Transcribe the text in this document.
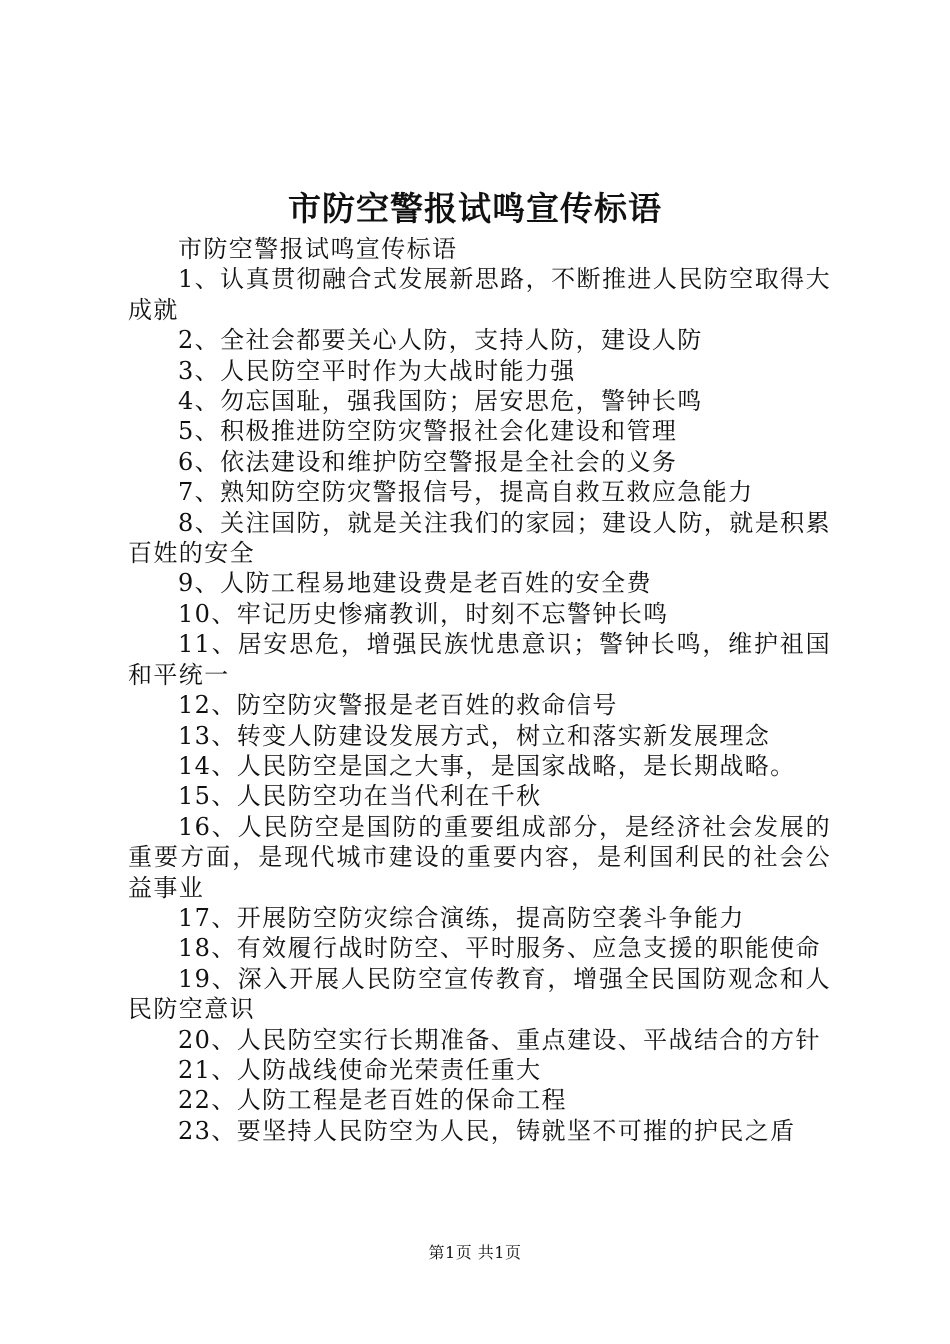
市防空警报试鸣宣传标语

市防空警报试鸣宣传标语

1、认真贯彻融合式发展新思路，不断推进人民防空取得大成就

2、全社会都要关心人防，支持人防，建设人防

3、人民防空平时作为大战时能力强

4、勿忘国耻，强我国防；居安思危，警钟长鸣

5、积极推进防空防灾警报社会化建设和管理

6、依法建设和维护防空警报是全社会的义务

7、熟知防空防灾警报信号，提高自救互救应急能力

8、关注国防，就是关注我们的家园；建设人防，就是积累百姓的安全

9、人防工程易地建设费是老百姓的安全费

10、牢记历史惨痛教训，时刻不忘警钟长鸣

11、居安思危，增强民族忧患意识；警钟长鸣，维护祖国和平统一

12、防空防灾警报是老百姓的救命信号

13、转变人防建设发展方式，树立和落实新发展理念

14、人民防空是国之大事，是国家战略，是长期战略。

15、人民防空功在当代利在千秋

16、人民防空是国防的重要组成部分，是经济社会发展的重要方面，是现代城市建设的重要内容，是利国利民的社会公益事业

17、开展防空防灾综合演练，提高防空袭斗争能力

18、有效履行战时防空、平时服务、应急支援的职能使命

19、深入开展人民防空宣传教育，增强全民国防观念和人民防空意识

20、人民防空实行长期准备、重点建设、平战结合的方针

21、人防战线使命光荣责任重大

22、人防工程是老百姓的保命工程

23、要坚持人民防空为人民，铸就坚不可摧的护民之盾

第1页 共1页
